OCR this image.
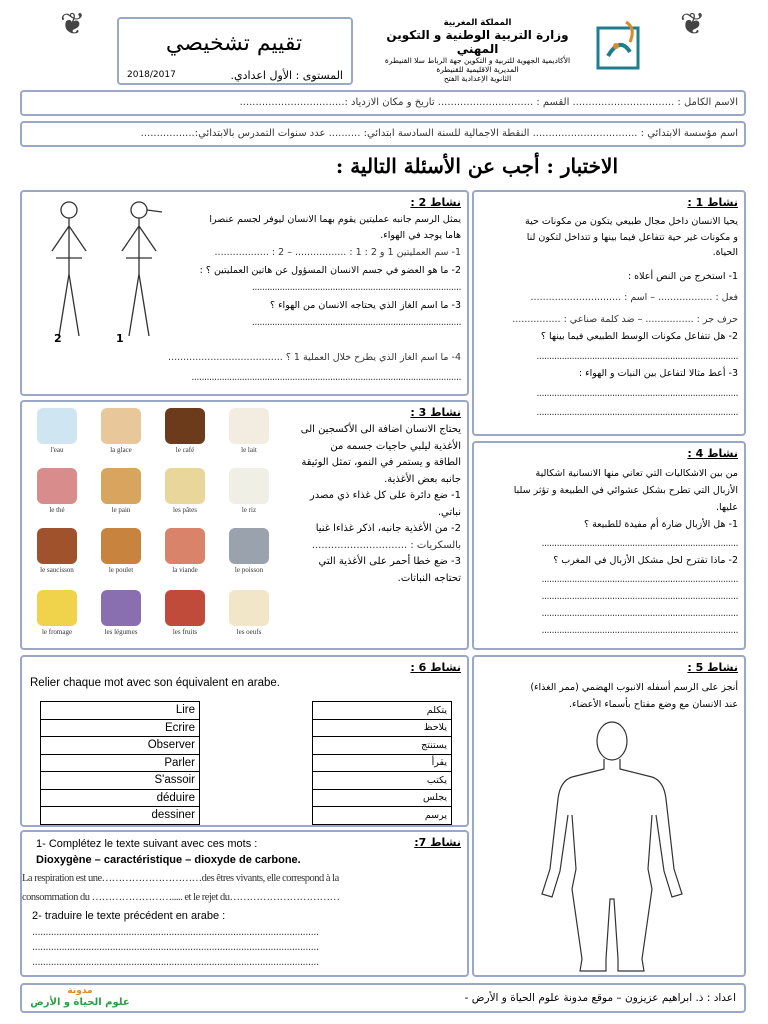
❦	❦
تقييم تشخيصي
المستوى : الأول اعدادي.
2018/2017
المملكة المغربية
وزارة التربية الوطنية و التكوين المهني
الأكاديمية الجهوية للتربية و التكوين جهة الرباط سلا القنيطرة
المديرية الاقليمية للقنيطرة
الثانوية الإعدادية الفتح
الاسم الكامل : ................................ القسم : .............................. تاريخ و مكان الازدياد :.................................
اسم مؤسسة الابتدائي : ................................. النقطة الاجمالية للسنة السادسة ابتدائي: .......... عدد سنوات التمدرس بالابتدائي:.................
الاختبار : أجب عن الأسئلة التالية :
نشاط 1 :
يحيا الانسان داخل مجال طبيعي يتكون من مكونات حية
و مكونات غير حية تتفاعل فيما بينها و تتداخل لتكون لنا
الحياة.
1- استخرج من النص أعلاه :
فعل : .................. – اسم : ..............................
حرف جر : ................ – ضد كلمة صناعي : ................
2- هل تتفاعل مكونات الوسط الطبيعي فيما بينها ؟
................................................................................
3- أعط مثالا لتفاعل بين النبات و الهواء :
................................................................................
................................................................................
2	1
نشاط 2 :
يمثل الرسم جانبه عمليتين يقوم بهما الانسان ليوفر لجسم عنصرا
هاما يوجد في الهواء.
1- سم العمليتين 1 و 2 : 1 : ................. – 2 : ..................
2- ما هو العضو في جسم الانسان المسؤول عن هاتين العمليتين ؟ :
...................................................................................
3- ما اسم الغاز الذي يحتاجه الانسان من الهواء ؟
...................................................................................
4- ما اسم الغاز الذي يطرح خلال العملية 1 ؟ ......................................
...........................................................................................................
l'eau	la glace	le café	le lait
le thé	le pain	les pâtes	le riz
le saucisson	le poulet	la viande	le poisson
le fromage	les légumes	les fruits	les oeufs
نشاط 3 :
يحتاج الانسان اضافة الى الأكسجين الى
الأغذية ليلبي حاجيات جسمه من
الطاقة و يستمر في النمو، تمثل الوثيقة
جانبه بعض الأغذية.
1- ضع دائرة على كل غذاء ذي مصدر
نباتي.
2- من الأغذية جانبه، اذكر غذاءا غنيا
بالسكريات : ..............................
3- ضع خطا أحمر على الأغذية التي
تحتاجه النباتات.
نشاط 4 :
من بين الاشكاليات التي تعاني منها الانسانية اشكالية
الأزبال التي تطرح بشكل عشوائي في الطبيعة و تؤثر سلبا
عليها.
1- هل الأزبال ضارة أم مفيدة للطبيعة ؟
..............................................................................
2- ماذا تقترح لحل مشكل الأزبال في المغرب ؟
..............................................................................
..............................................................................
..............................................................................
..............................................................................
نشاط 6 :
Relier chaque mot avec son équivalent en arabe.
Lire
Ecrire
Observer
Parler
S'assoir
déduire
dessiner
يتكلم
يلاحظ
يستنتج
يقرأ
يكتب
يجلس
يرسم
نشاط 5 :
أنجز على الرسم أسفله الانبوب الهضمي (ممر الغذاء)
عند الانسان مع وضع مفتاح بأسماء الأعضاء.
نشاط 7:
1- Complétez le texte suivant avec ces mots :
Dioxygène – caractéristique – dioxyde de carbone.
La respiration est une…………………………des êtres vivants, elle correspond à la
consommation du ……………………..... et le rejet du……………………………
2- traduire le texte précédent en arabe :
...........................................................................................................
...........................................................................................................
...........................................................................................................
اعداد : ذ. ابراهيم عزيزون – موقع مدونة علوم الحياة و الأرض -
مدونة
علوم الحياة و الأرض
